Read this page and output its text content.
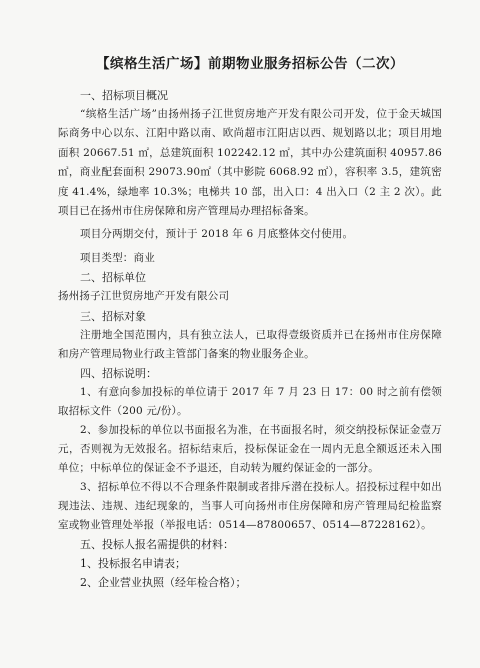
【缤格生活广场】前期物业服务招标公告（二次）
一、招标项目概况

“缤格生活广场”由扬州扬子江世贸房地产开发有限公司开发，位于金天城国际商务中心以东、江阳中路以南、欧尚超市江阳店以西、规划路以北；项目用地面积 20667.51 ㎡，总建筑面积 102242.12 ㎡，其中办公建筑面积 40957.86 ㎡，商业配套面积 29073.90㎡（其中影院 6068.92 ㎡），容积率 3.5，建筑密度 41.4%，绿地率 10.3%；电梯共 10 部，出入口：4 出入口（2 主 2 次）。此项目已在扬州市住房保障和房产管理局办理招标备案。

项目分两期交付，预计于 2018 年 6 月底整体交付使用。

项目类型：商业

二、招标单位

扬州扬子江世贸房地产开发有限公司

三、招标对象

注册地全国范围内，具有独立法人，已取得壹级资质并已在扬州市住房保障和房产管理局物业行政主管部门备案的物业服务企业。

四、招标说明：

1、有意向参加投标的单位请于 2017 年 7 月 23 日 17：00 时之前有偿领取招标文件（200 元/份）。

2、参加投标的单位以书面报名为准，在书面报名时，须交纳投标保证金壹万元，否则视为无效报名。招标结束后，投标保证金在一周内无息全额返还未入围单位；中标单位的保证金不予退还，自动转为履约保证金的一部分。

3、招标单位不得以不合理条件限制或者排斥潜在投标人。招投标过程中如出现违法、违规、违纪现象的，当事人可向扬州市住房保障和房产管理局纪检监察室或物业管理处举报（举报电话：0514—87800657、0514—87228162）。

五、投标人报名需提供的材料：
1、投标报名申请表；
2、企业营业执照（经年检合格）；
